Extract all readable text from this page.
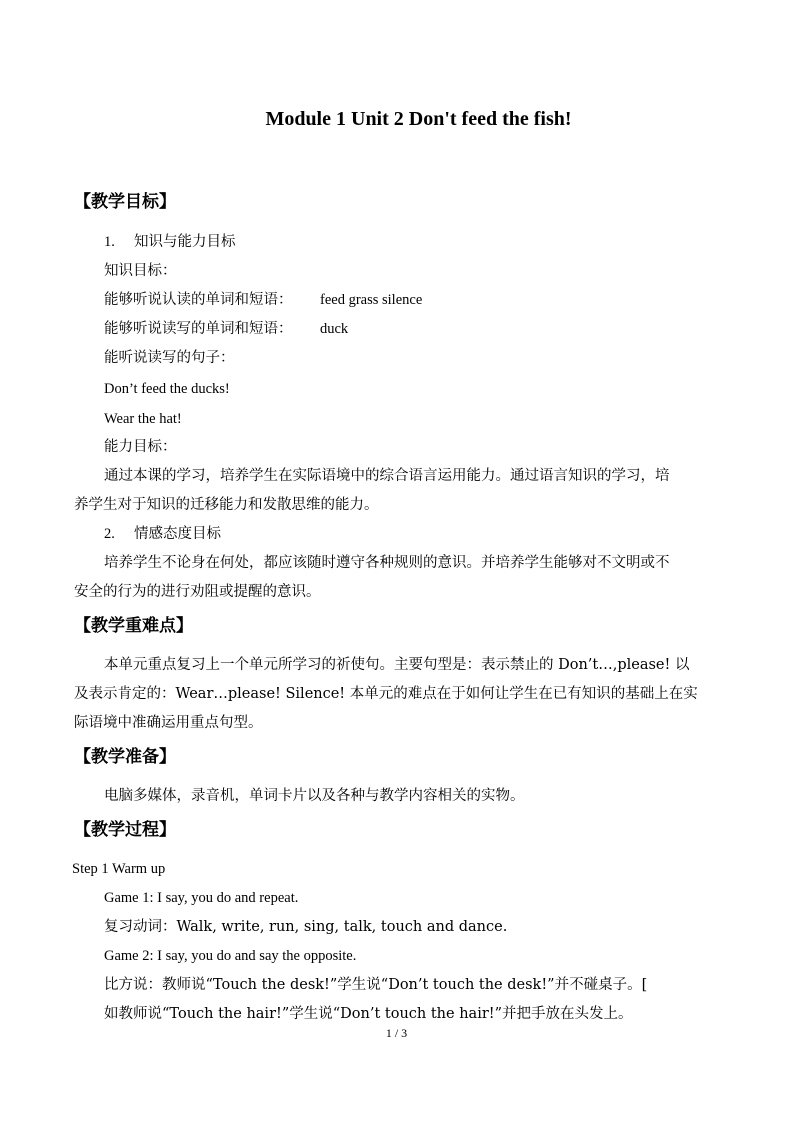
Module 1 Unit 2 Don't feed the fish!
【教学目标】
1. 知识与能力目标
知识目标：
能够听说认读的单词和短语： feed grass silence
能够听说读写的单词和短语： duck
能听说读写的句子：
Don’t feed the ducks!
Wear the hat!
能力目标：
通过本课的学习，培养学生在实际语境中的综合语言运用能力。通过语言知识的学习，培
养学生对于知识的迁移能力和发散思维的能力。
2. 情感态度目标
培养学生不论身在何处，都应该随时遵守各种规则的意识。并培养学生能够对不文明或不
安全的行为的进行劝阻或提醒的意识。
【教学重难点】
本单元重点复习上一个单元所学习的祈使句。主要句型是：表示禁止的 Don’t…,please! 以
及表示肯定的：Wear…please! Silence! 本单元的难点在于如何让学生在已有知识的基础上在实
际语境中准确运用重点句型。
【教学准备】
电脑多媒体，录音机，单词卡片以及各种与教学内容相关的实物。
【教学过程】
Step 1 Warm up
Game 1: I say, you do and repeat.
复习动词：Walk, write, run, sing, talk, touch and dance.
Game 2: I say, you do and say the opposite.
比方说：教师说“Touch the desk!”学生说“Don’t touch the desk!”并不碰桌子。[
如教师说“Touch the hair!”学生说“Don’t touch the hair!”并把手放在头发上。
1 / 3
